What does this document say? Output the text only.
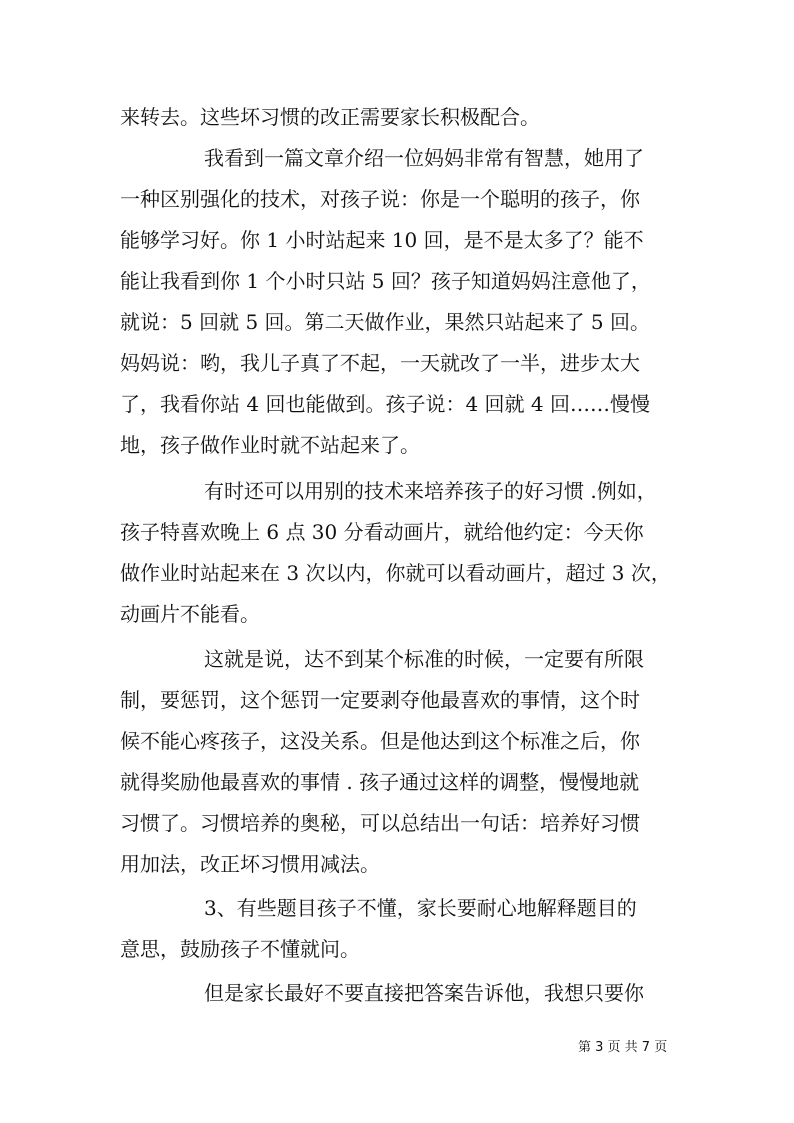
来转去。这些坏习惯的改正需要家长积极配合。
我看到一篇文章介绍一位妈妈非常有智慧，她用了
一种区别强化的技术，对孩子说：你是一个聪明的孩子，你
能够学习好。你 1 小时站起来 10 回，是不是太多了？能不
能让我看到你 1 个小时只站 5 回？孩子知道妈妈注意他了，
就说：5 回就 5 回。第二天做作业，果然只站起来了 5 回。
妈妈说：哟，我儿子真了不起，一天就改了一半，进步太大
了，我看你站 4 回也能做到。孩子说：4 回就 4 回……慢慢
地，孩子做作业时就不站起来了。
有时还可以用别的技术来培养孩子的好习惯 .例如，
孩子特喜欢晚上 6 点 30 分看动画片，就给他约定：今天你
做作业时站起来在 3 次以内，你就可以看动画片，超过 3 次，
动画片不能看。
这就是说，达不到某个标准的时候，一定要有所限
制，要惩罚，这个惩罚一定要剥夺他最喜欢的事情，这个时
候不能心疼孩子，这没关系。但是他达到这个标准之后，你
就得奖励他最喜欢的事情 . 孩子通过这样的调整，慢慢地就
习惯了。习惯培养的奥秘，可以总结出一句话：培养好习惯
用加法，改正坏习惯用减法。
3、有些题目孩子不懂，家长要耐心地解释题目的
意思，鼓励孩子不懂就问。
但是家长最好不要直接把答案告诉他，我想只要你
第 3 页 共 7 页
